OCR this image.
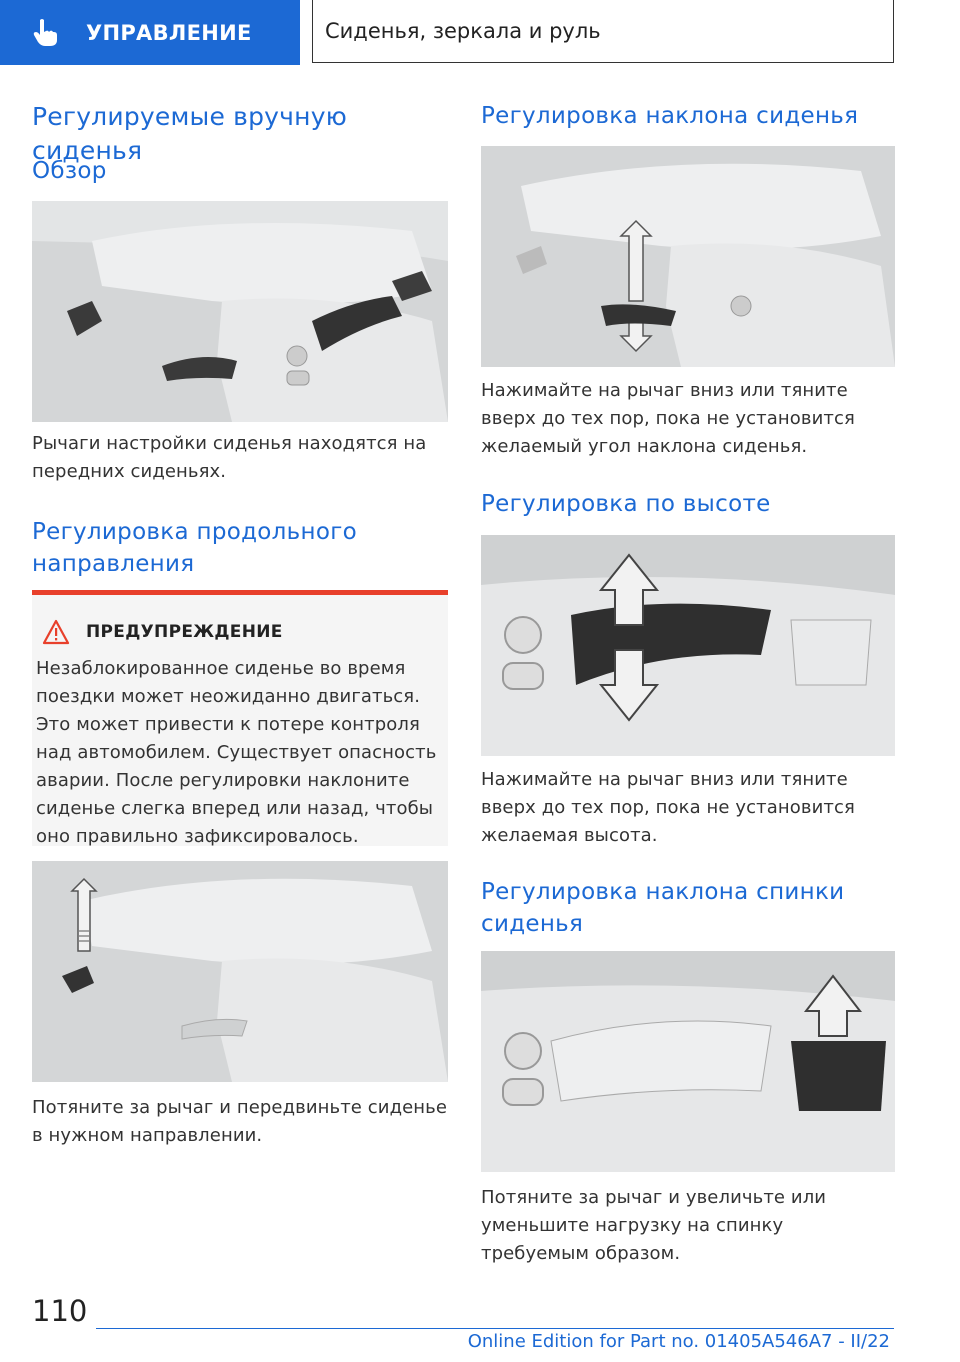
УПРАВЛЕНИЕ	Сиденья, зеркала и руль
Регулируемые вручную сиденья
Обзор

Рычаги настройки сиденья находятся на передних сиденьях.

Регулировка продольного направления
ПРЕДУПРЕЖДЕНИЕ

Незаблокированное сиденье во время поездки может неожиданно двигаться. Это может привести к потере контроля над автомобилем. Существует опасность аварии. После регулировки наклоните сиденье слегка вперед или назад, чтобы оно правильно зафиксировалось.

Потяните за рычаг и передвиньте сиденье в нужном направлении.

Регулировка наклона сиденья

Нажимайте на рычаг вниз или тяните вверх до тех пор, пока не установится желаемый угол наклона сиденья.

Регулировка по высоте

Нажимайте на рычаг вниз или тяните вверх до тех пор, пока не установится желаемая высота.

Регулировка наклона спинки сиденья

Потяните за рычаг и увеличьте или уменьшите нагрузку на спинку требуемым образом.

110
Online Edition for Part no. 01405A546A7 - II/22
